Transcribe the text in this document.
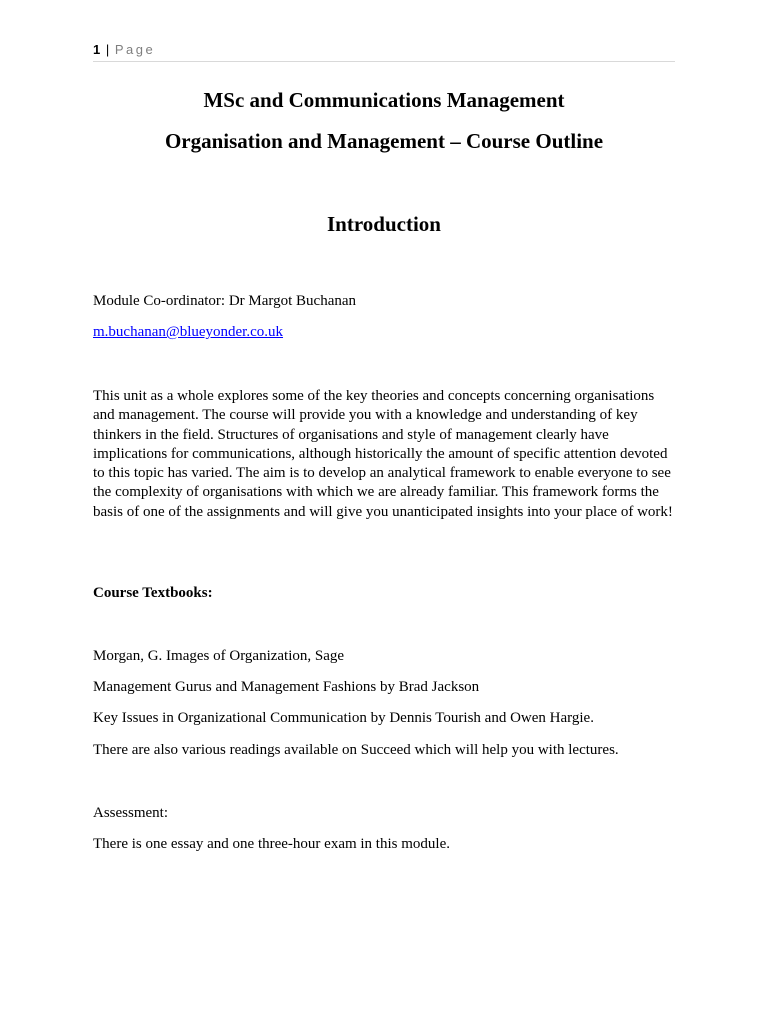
1 | Page
MSc and Communications Management
Organisation and Management – Course Outline
Introduction
Module Co-ordinator: Dr Margot Buchanan
m.buchanan@blueyonder.co.uk
This unit as a whole explores some of the key theories and concepts concerning organisations and management. The course will provide you with a knowledge and understanding of key thinkers in the field. Structures of organisations and style of management clearly have implications for communications, although historically the amount of specific attention devoted to this topic has varied. The aim is to develop an analytical framework to enable everyone to see the complexity of organisations with which we are already familiar. This framework forms the basis of one of the assignments and will give you unanticipated insights into your place of work!
Course Textbooks:
Morgan, G. Images of Organization, Sage
Management Gurus and Management Fashions by Brad Jackson
Key Issues in Organizational Communication by Dennis Tourish and Owen Hargie.
There are also various readings available on Succeed which will help you with lectures.
Assessment:
There is one essay and one three-hour exam in this module.
